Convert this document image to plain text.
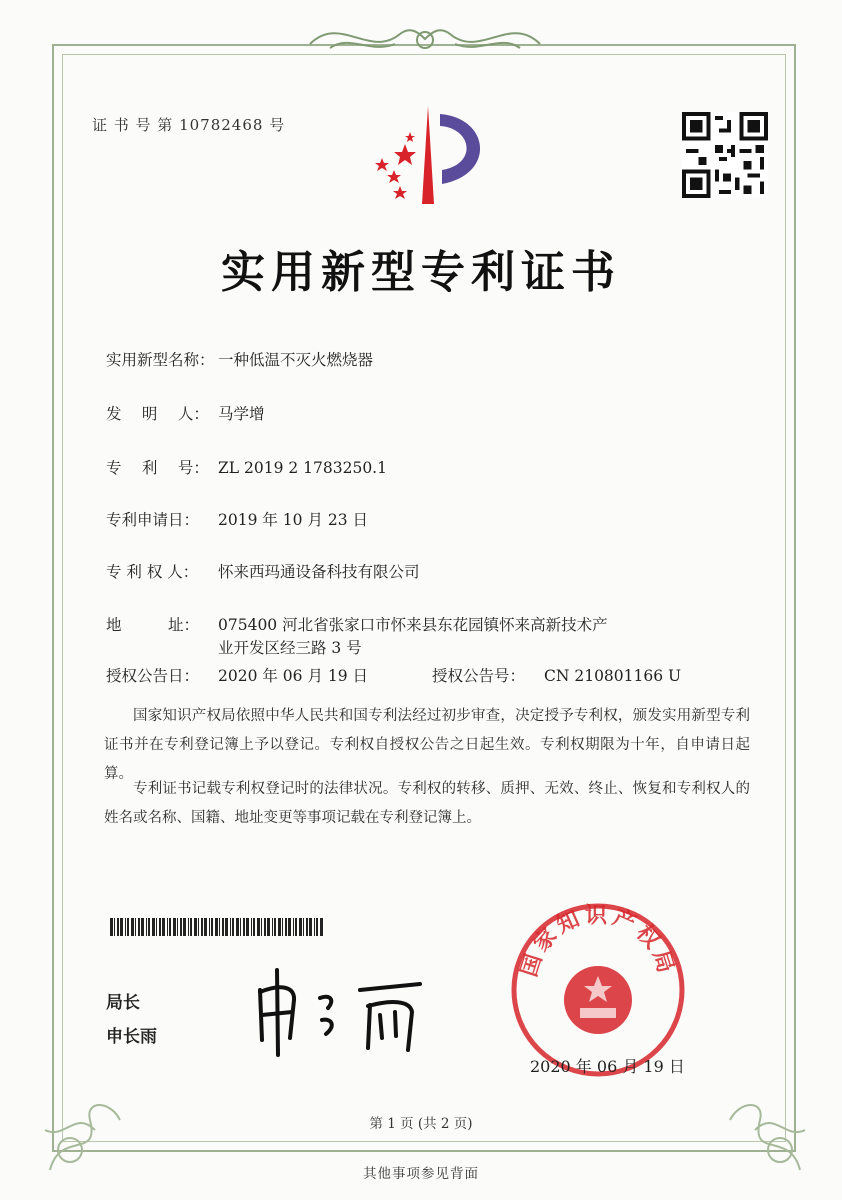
证 书 号 第 10782468 号
实用新型专利证书
实用新型名称： 一种低温不灭火燃烧器
发　 明 　人： 马学增
专　 利 　号： ZL 2019 2 1783250.1
专利申请日： 2019 年 10 月 23 日
专 利 权 人： 怀来西玛通设备科技有限公司
地　　　址： 075400 河北省张家口市怀来县东花园镇怀来高新技术产
业开发区经三路 3 号
授权公告日： 2020 年 06 月 19 日	授权公告号： CN 210801166 U
国家知识产权局依照中华人民共和国专利法经过初步审查，决定授予专利权，颁发实用新型专利证书并在专利登记簿上予以登记。专利权自授权公告之日起生效。专利权期限为十年，自申请日起算。
专利证书记载专利权登记时的法律状况。专利权的转移、质押、无效、终止、恢复和专利权人的姓名或名称、国籍、地址变更等事项记载在专利登记簿上。
局长
申长雨
国家知识产权局
2020 年 06 月 19 日
第 1 页 (共 2 页)
其他事项参见背面
